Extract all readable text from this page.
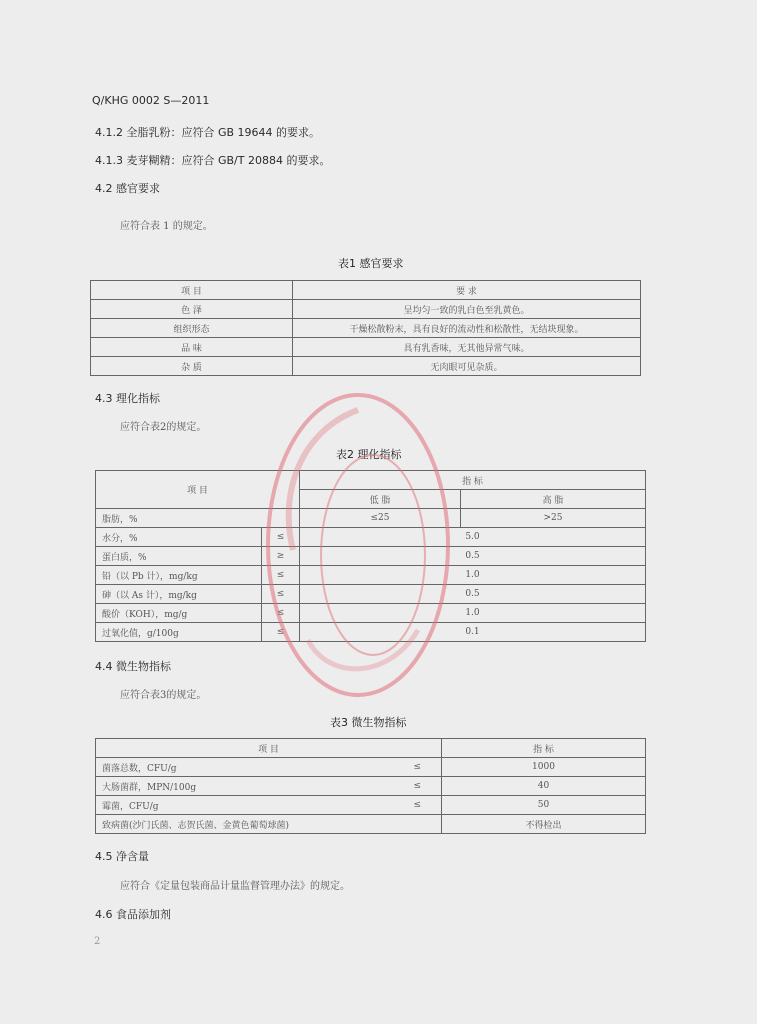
Q/KHG 0002 S—2011
4.1.2 全脂乳粉：应符合 GB 19644 的要求。
4.1.3 麦芽糊精：应符合 GB/T 20884 的要求。
4.2 感官要求
应符合表 1 的规定。
表1 感官要求
项 目	要 求
色 泽	呈均匀一致的乳白色至乳黄色。
组织形态	干燥松散粉末，具有良好的流动性和松散性，无结块现象。
品 味	具有乳香味，无其他异常气味。
杂 质	无肉眼可见杂质。
4.3 理化指标
应符合表2的规定。
表2 理化指标
项 目		指 标	
		低 脂	高 脂
脂肪，%		≤25	>25
水分，%	≤	5.0	
蛋白质，%	≥	0.5	
铅（以 Pb 计），mg/kg	≤	1.0	
砷（以 As 计），mg/kg	≤	0.5	
酸价（KOH），mg/g	≤	1.0	
过氧化值，g/100g	≤	0.1	
4.4 微生物指标
应符合表3的规定。
表3 微生物指标
项 目		指 标
菌落总数，CFU/g	≤	1000
大肠菌群，MPN/100g	≤	40
霉菌，CFU/g	≤	50
致病菌(沙门氏菌、志贺氏菌、金黄色葡萄球菌)		不得检出
4.5 净含量
应符合《定量包装商品计量监督管理办法》的规定。
4.6 食品添加剂
2
